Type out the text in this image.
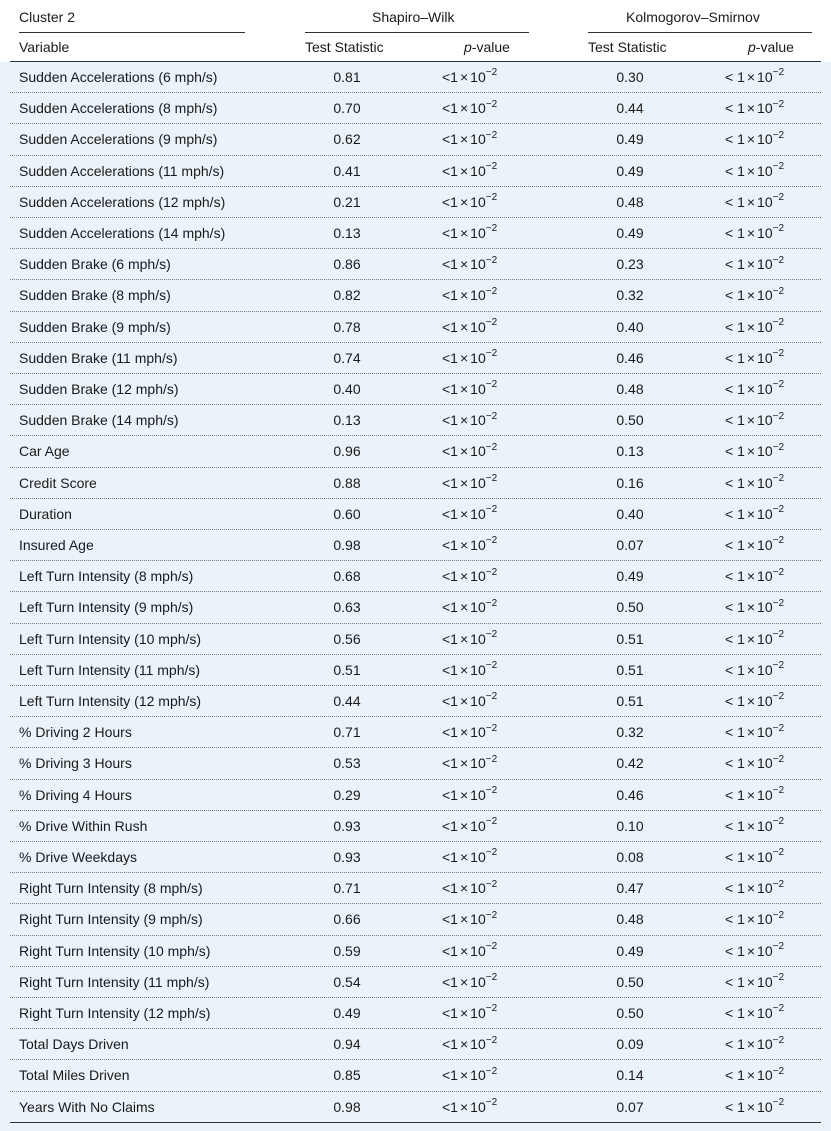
Cluster 2	Shapiro–Wilk	Kolmogorov–Smirnov
Variable	Test Statistic	p-value	Test Statistic	p-value
Sudden Accelerations (6 mph/s)	0.81	$<1 \times 10^{-2}$	0.30	< $1 \times 10^{-2}$
Sudden Accelerations (8 mph/s)	0.70	$<1 \times 10^{-2}$	0.44	< $1 \times 10^{-2}$
Sudden Accelerations (9 mph/s)	0.62	$<1 \times 10^{-2}$	0.49	< $1 \times 10^{-2}$
Sudden Accelerations (11 mph/s)	0.41	$<1 \times 10^{-2}$	0.49	< $1 \times 10^{-2}$
Sudden Accelerations (12 mph/s)	0.21	$<1 \times 10^{-2}$	0.48	< $1 \times 10^{-2}$
Sudden Accelerations (14 mph/s)	0.13	$<1 \times 10^{-2}$	0.49	< $1 \times 10^{-2}$
Sudden Brake (6 mph/s)	0.86	$<1 \times 10^{-2}$	0.23	< $1 \times 10^{-2}$
Sudden Brake (8 mph/s)	0.82	$<1 \times 10^{-2}$	0.32	< $1 \times 10^{-2}$
Sudden Brake (9 mph/s)	0.78	$<1 \times 10^{-2}$	0.40	< $1 \times 10^{-2}$
Sudden Brake (11 mph/s)	0.74	$<1 \times 10^{-2}$	0.46	< $1 \times 10^{-2}$
Sudden Brake (12 mph/s)	0.40	$<1 \times 10^{-2}$	0.48	< $1 \times 10^{-2}$
Sudden Brake (14 mph/s)	0.13	$<1 \times 10^{-2}$	0.50	< $1 \times 10^{-2}$
Car Age	0.96	$<1 \times 10^{-2}$	0.13	< $1 \times 10^{-2}$
Credit Score	0.88	$<1 \times 10^{-2}$	0.16	< $1 \times 10^{-2}$
Duration	0.60	$<1 \times 10^{-2}$	0.40	< $1 \times 10^{-2}$
Insured Age	0.98	$<1 \times 10^{-2}$	0.07	< $1 \times 10^{-2}$
Left Turn Intensity (8 mph/s)	0.68	$<1 \times 10^{-2}$	0.49	< $1 \times 10^{-2}$
Left Turn Intensity (9 mph/s)	0.63	$<1 \times 10^{-2}$	0.50	< $1 \times 10^{-2}$
Left Turn Intensity (10 mph/s)	0.56	$<1 \times 10^{-2}$	0.51	< $1 \times 10^{-2}$
Left Turn Intensity (11 mph/s)	0.51	$<1 \times 10^{-2}$	0.51	< $1 \times 10^{-2}$
Left Turn Intensity (12 mph/s)	0.44	$<1 \times 10^{-2}$	0.51	< $1 \times 10^{-2}$
% Driving 2 Hours	0.71	$<1 \times 10^{-2}$	0.32	< $1 \times 10^{-2}$
% Driving 3 Hours	0.53	$<1 \times 10^{-2}$	0.42	< $1 \times 10^{-2}$
% Driving 4 Hours	0.29	$<1 \times 10^{-2}$	0.46	< $1 \times 10^{-2}$
% Drive Within Rush	0.93	$<1 \times 10^{-2}$	0.10	< $1 \times 10^{-2}$
% Drive Weekdays	0.93	$<1 \times 10^{-2}$	0.08	< $1 \times 10^{-2}$
Right Turn Intensity (8 mph/s)	0.71	$<1 \times 10^{-2}$	0.47	< $1 \times 10^{-2}$
Right Turn Intensity (9 mph/s)	0.66	$<1 \times 10^{-2}$	0.48	< $1 \times 10^{-2}$
Right Turn Intensity (10 mph/s)	0.59	$<1 \times 10^{-2}$	0.49	< $1 \times 10^{-2}$
Right Turn Intensity (11 mph/s)	0.54	$<1 \times 10^{-2}$	0.50	< $1 \times 10^{-2}$
Right Turn Intensity (12 mph/s)	0.49	$<1 \times 10^{-2}$	0.50	< $1 \times 10^{-2}$
Total Days Driven	0.94	$<1 \times 10^{-2}$	0.09	< $1 \times 10^{-2}$
Total Miles Driven	0.85	$<1 \times 10^{-2}$	0.14	< $1 \times 10^{-2}$
Years With No Claims	0.98	$<1 \times 10^{-2}$	0.07	< $1 \times 10^{-2}$
